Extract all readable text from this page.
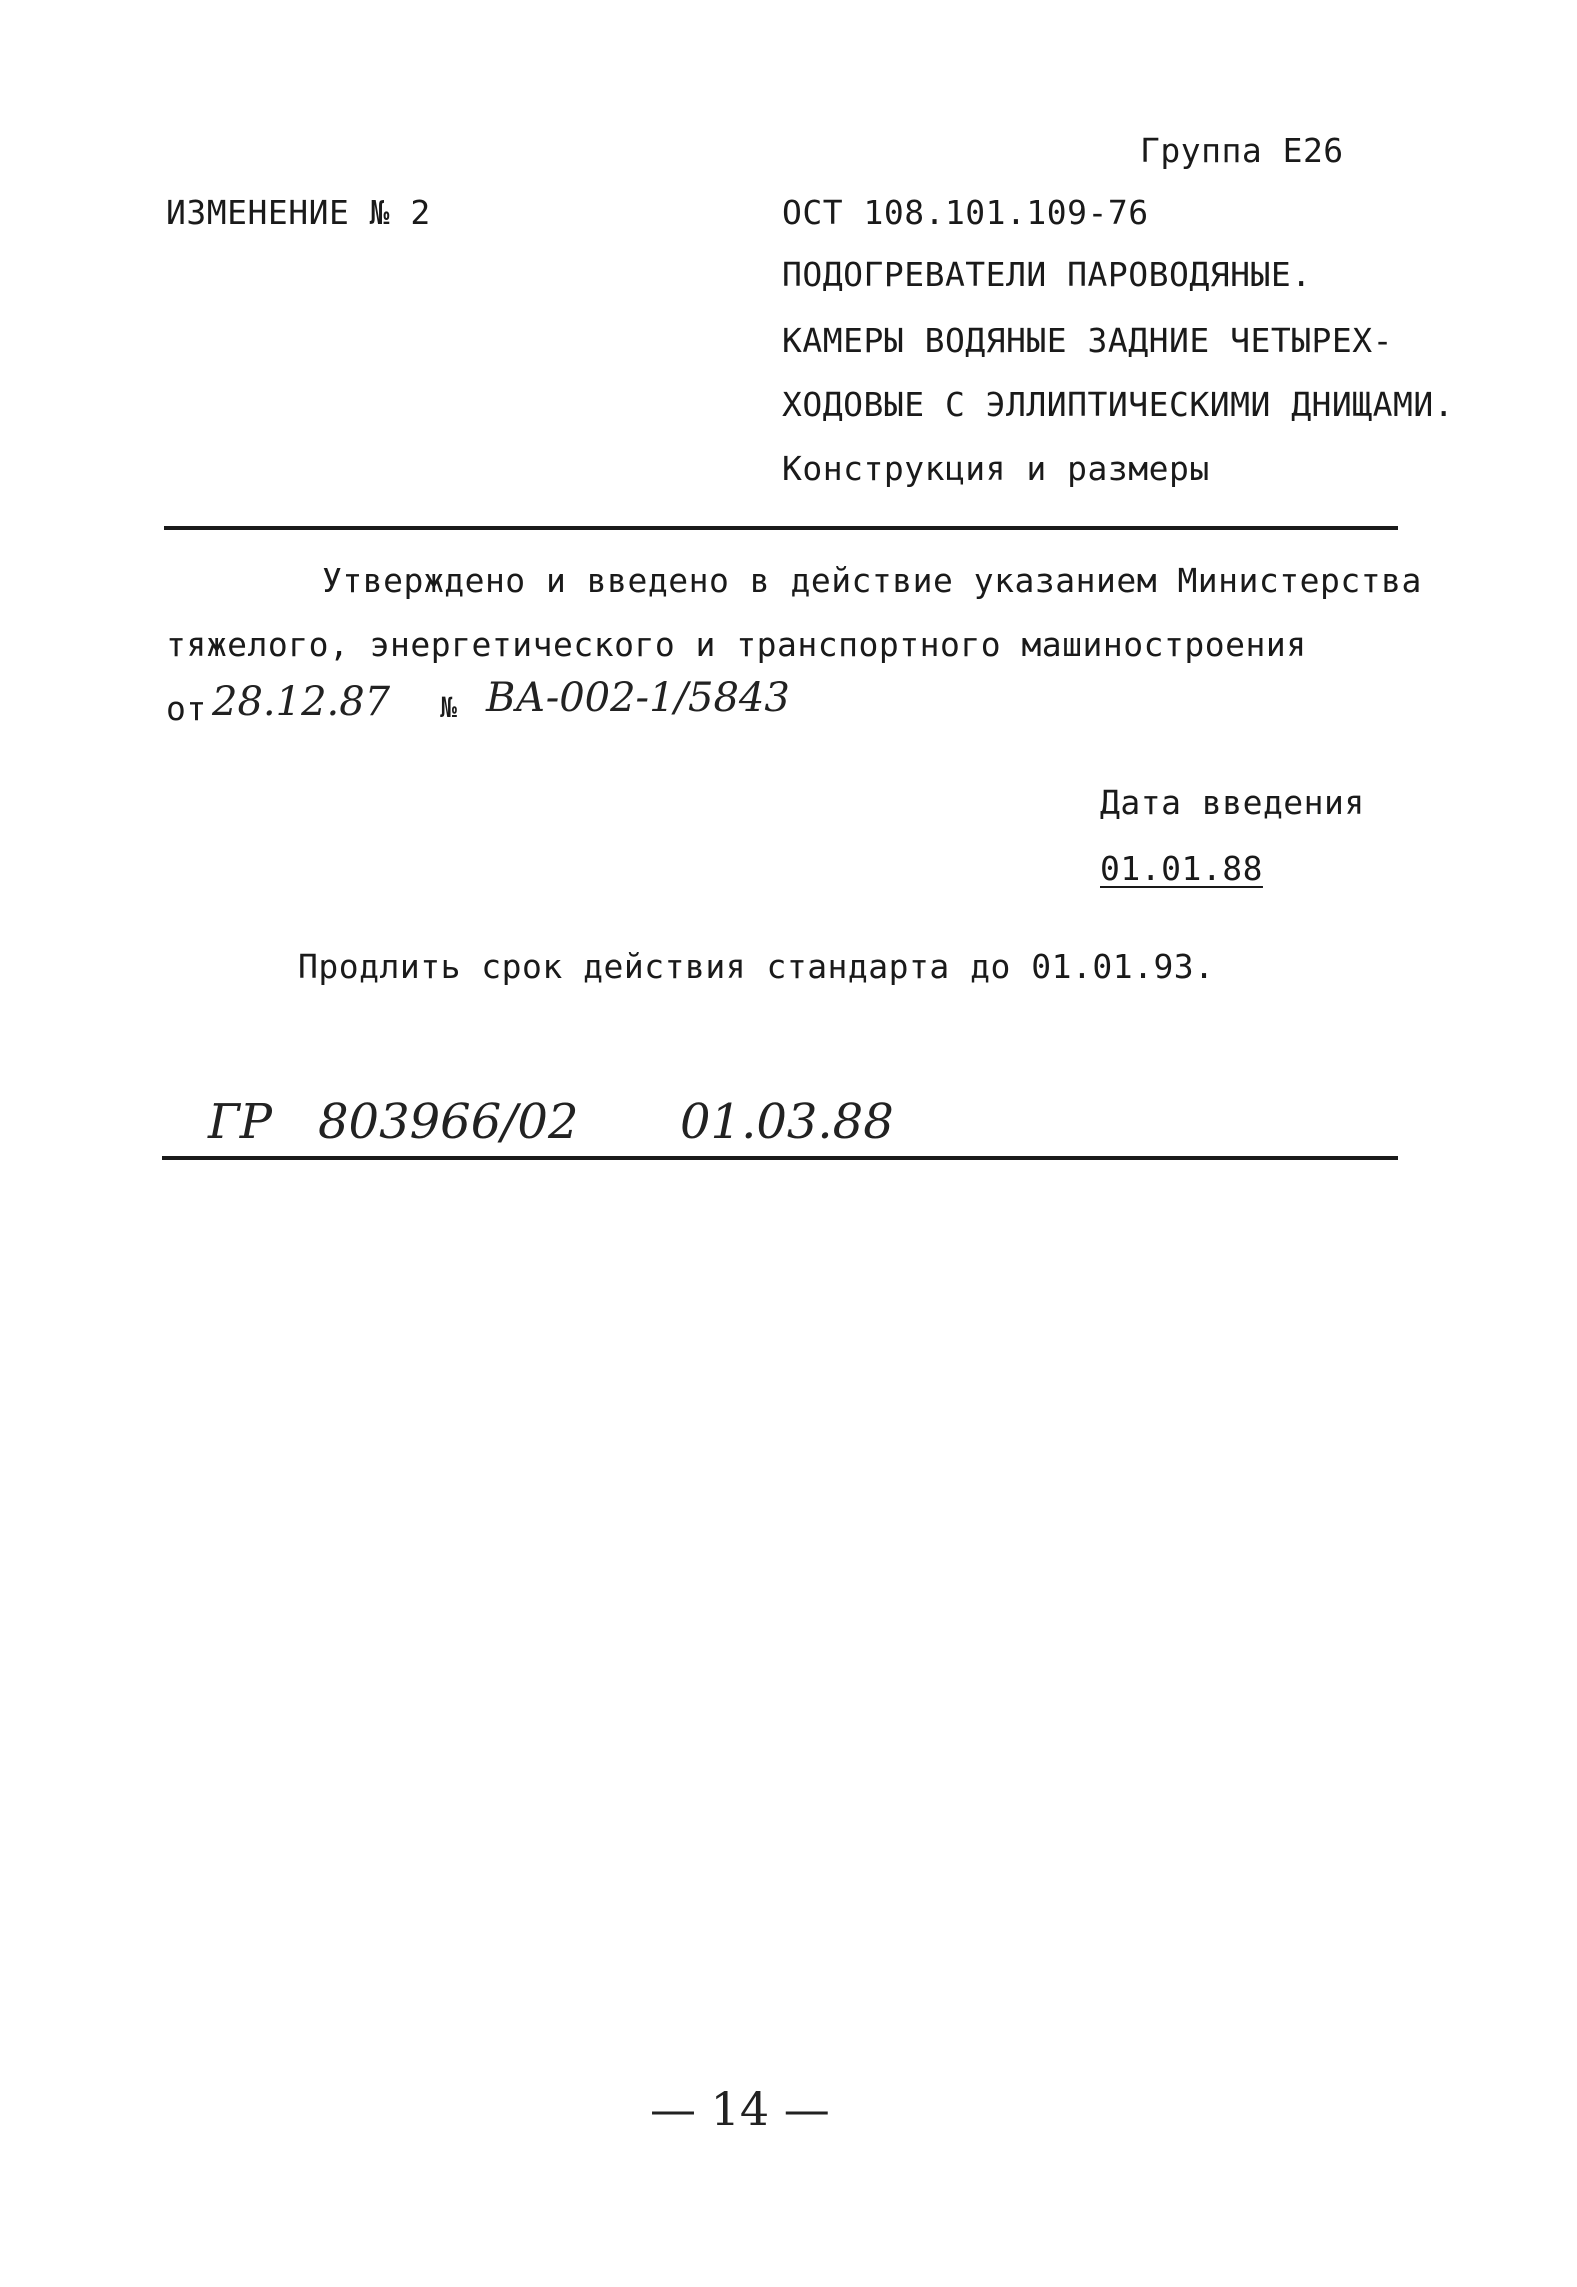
Группа Е26
ИЗМЕНЕНИЕ № 2	ОСТ 108.101.109-76
ПОДОГРЕВАТЕЛИ ПАРОВОДЯНЫЕ.
КАМЕРЫ ВОДЯНЫЕ ЗАДНИЕ ЧЕТЫРЕХ-
ХОДОВЫЕ С ЭЛЛИПТИЧЕСКИМИ ДНИЩАМИ.
Конструкция и размеры
Утверждено и введено в действие указанием Министерства
тяжелого, энергетического и транспортного машиностроения
от 28.12.87 № ВА-002-1/5843
Дата введения
01.01.88
Продлить срок действия стандарта до 01.01.93.
ГР 803966/02 01.03.88
— 14 —
